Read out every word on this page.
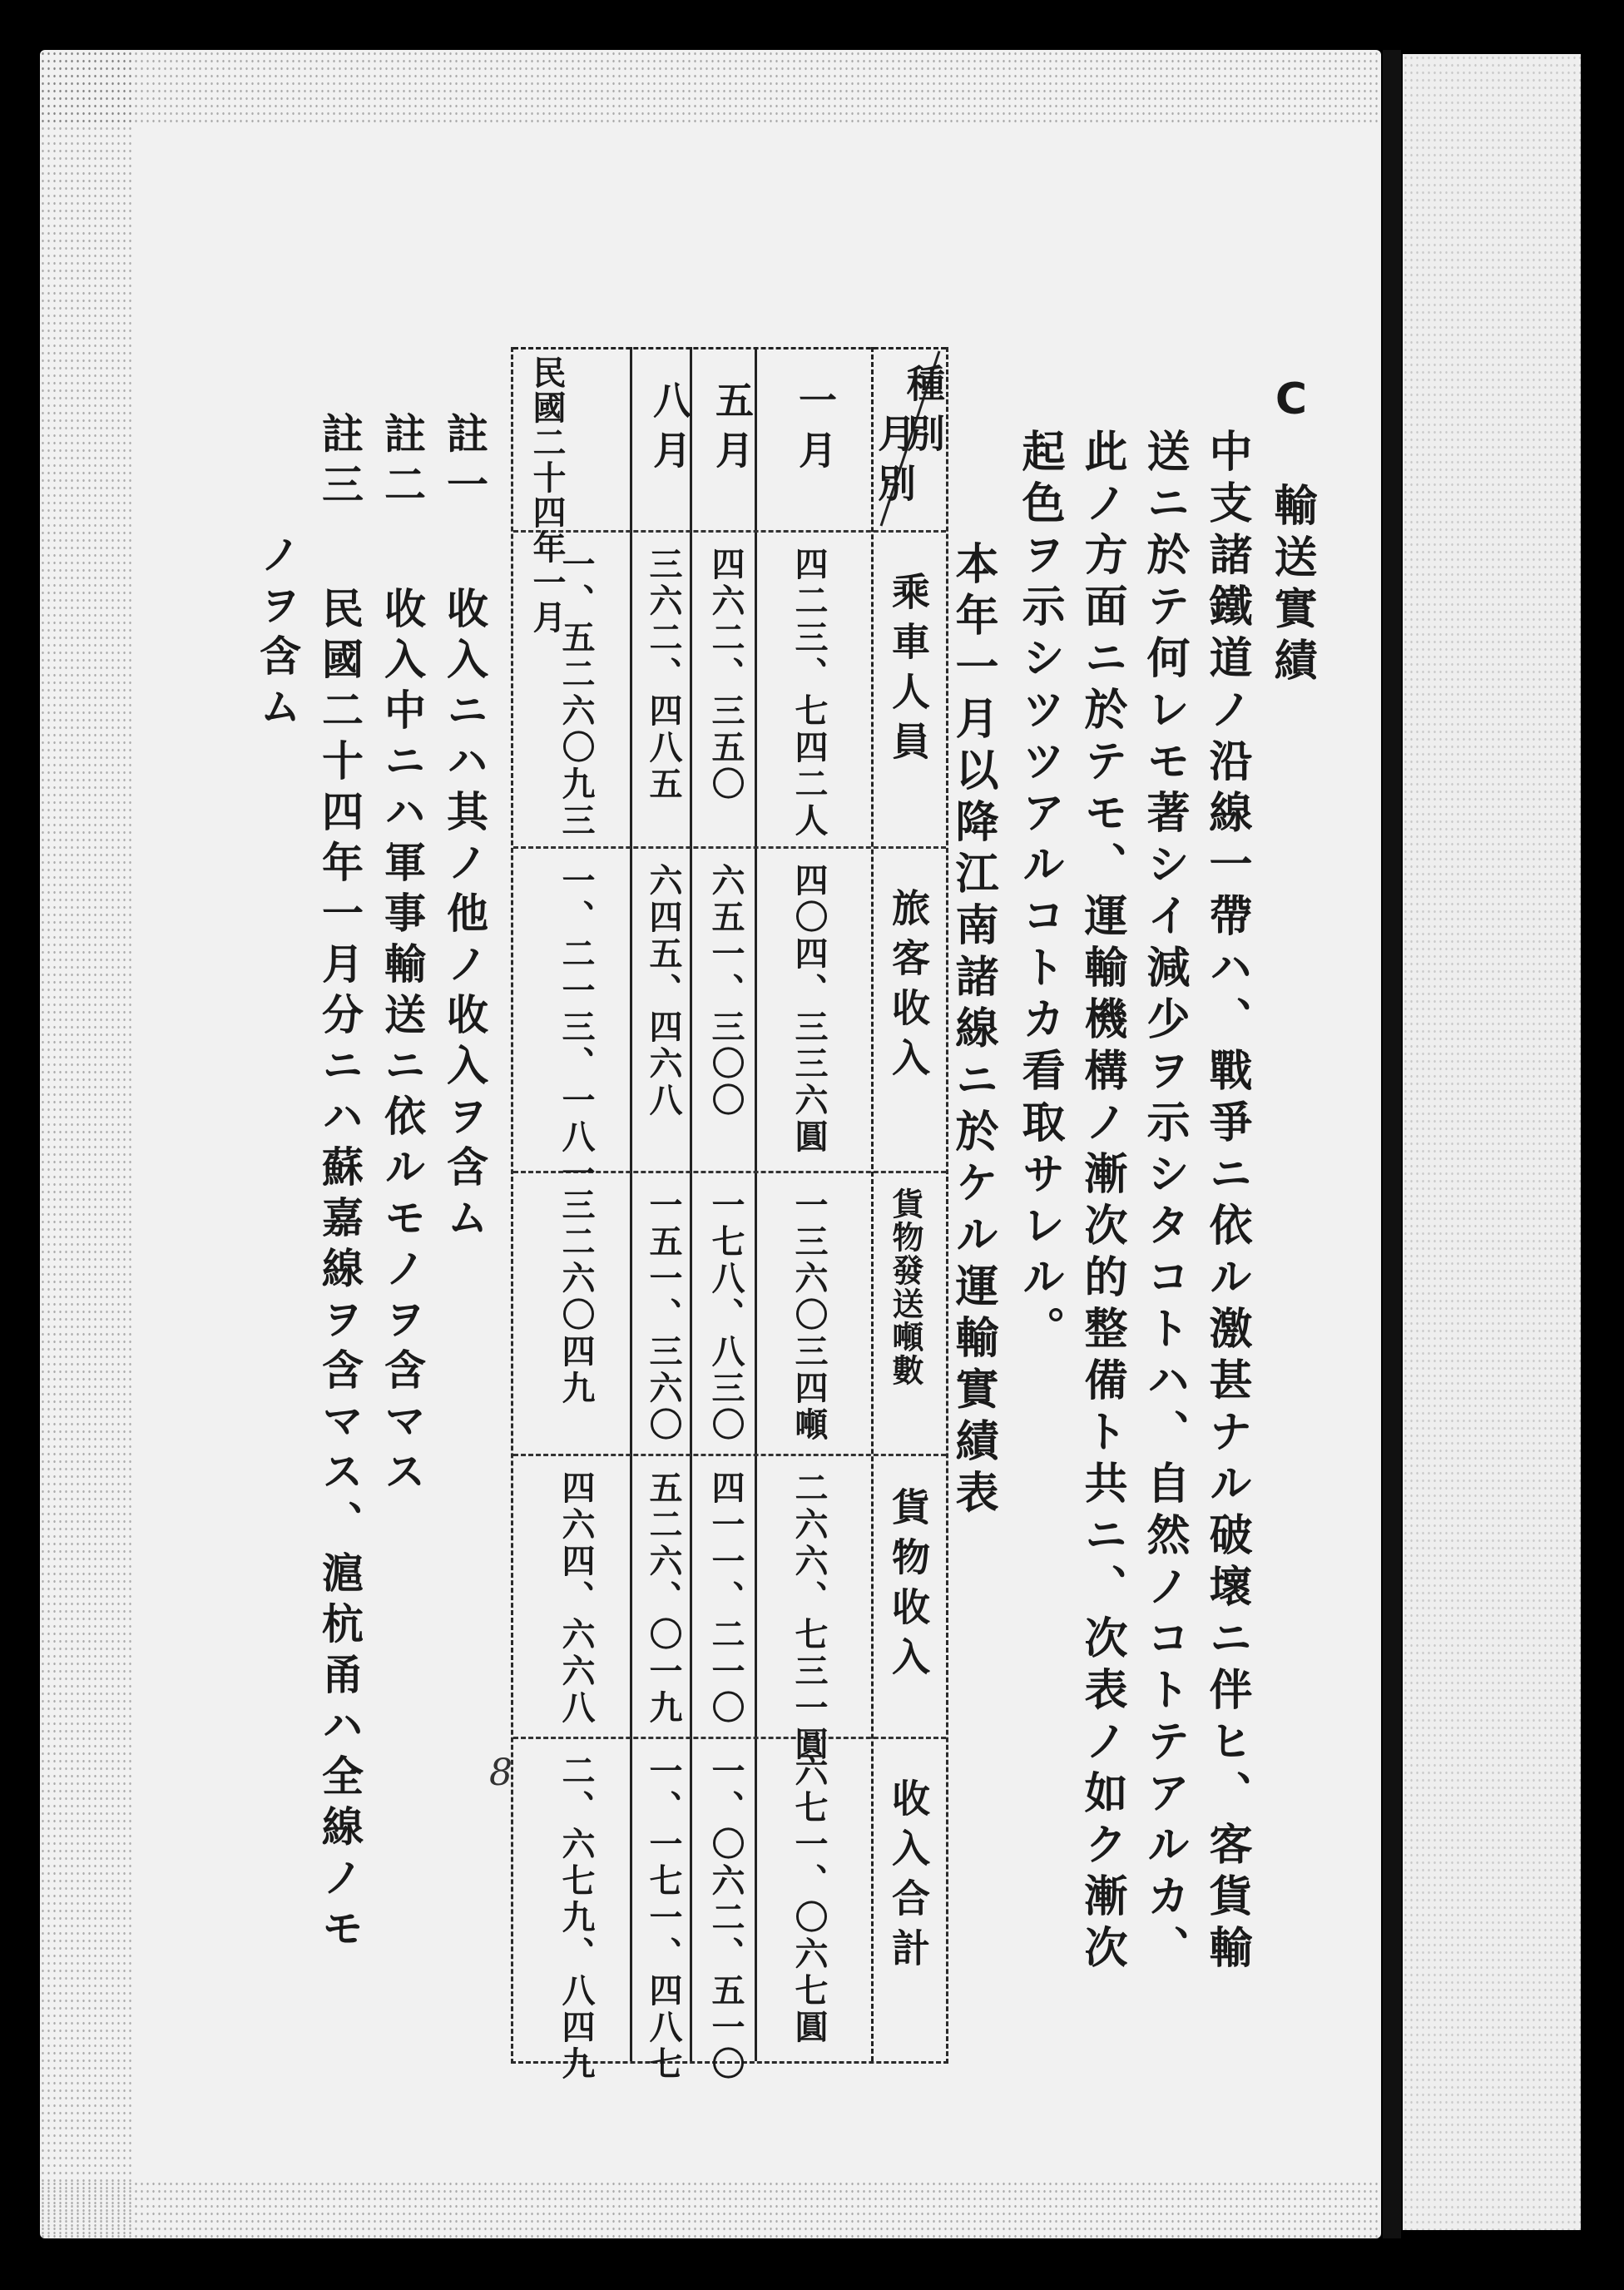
C
輸送實績
中支諸鐵道ノ沿線一帶ハ、戰爭ニ依ル激甚ナル破壞ニ伴ヒ、客貨輸
送ニ於テ何レモ著シイ減少ヲ示シタコトハ、自然ノコトテアルカ、
此ノ方面ニ於テモ、運輸機構ノ漸次的整備ト共ニ、次表ノ如ク漸次
起色ヲ示シツツアルコトカ看取サレル。
本年一月以降江南諸線ニ於ケル運輸實績表
種別
月別
一月
五月
八月
民國二十四年一月
乘車人員
旅客收入
貨物發送噸數
貨物收入
收入合計
四二三、七四二人
四〇四、三三六圓
一三六〇三四噸
二六六、七三一圓
六七一、〇六七圓
四六二、三五〇
六五一、三〇〇
一七八、八三〇
四一一、二一〇
一、〇六二、五一〇
三六二、四八五
六四五、四六八
一五一、三六〇
五二六、〇一九
一、一七一、四八七
一、五二六〇九三
一、二一三、一八一
三二六〇四九
四六四、六六八
二、六七九、八四九
8
註一
收入ニハ其ノ他ノ收入ヲ含ム
註二
收入中ニハ軍事輸送ニ依ルモノヲ含マス
註三
民國二十四年一月分ニハ蘇嘉線ヲ含マス、滬杭甬ハ全線ノモ
ノヲ含ム
